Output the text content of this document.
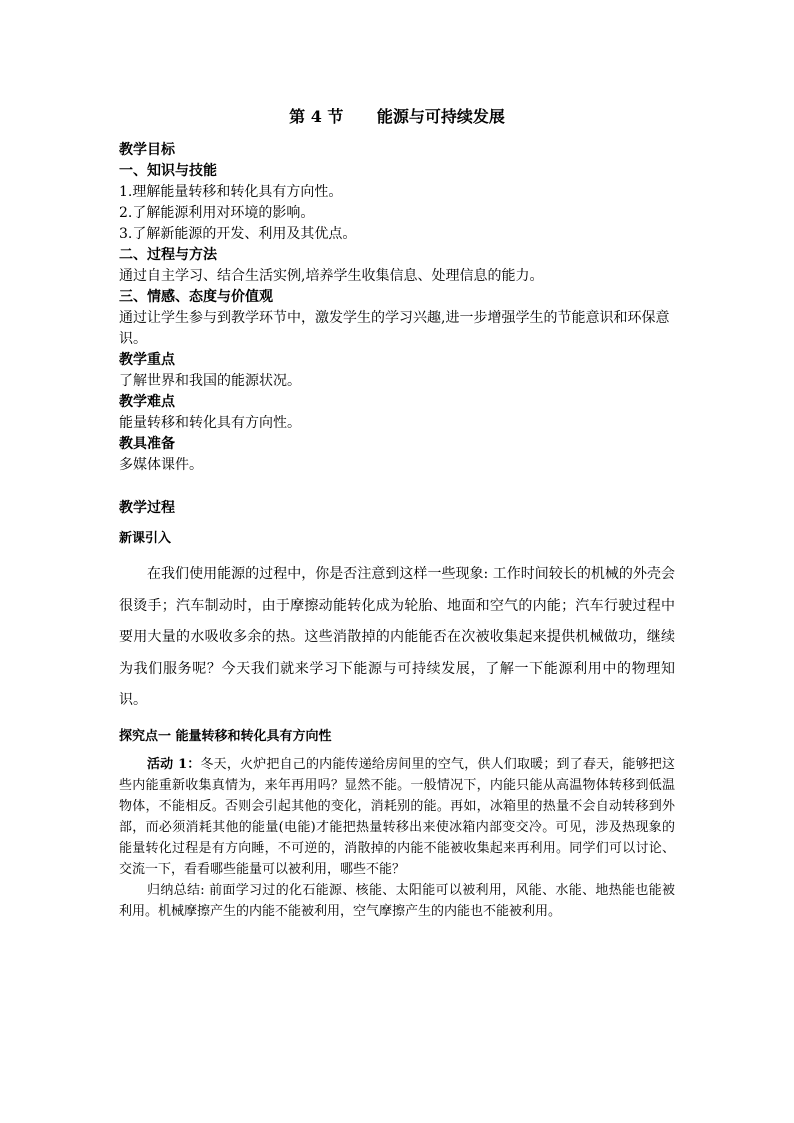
第 4 节      能源与可持续发展
教学目标
一、知识与技能
1.理解能量转移和转化具有方向性。
2.了解能源利用对环境的影响。
3.了解新能源的开发、利用及其优点。
二、过程与方法
通过自主学习、结合生活实例,培养学生收集信息、处理信息的能力。
三、情感、态度与价值观
通过让学生参与到教学环节中，激发学生的学习兴趣,进一步增强学生的节能意识和环保意识。
教学重点
了解世界和我国的能源状况。
教学难点
能量转移和转化具有方向性。
教具准备
多媒体课件。
教学过程
新课引入
在我们使用能源的过程中，你是否注意到这样一些现象: 工作时间较长的机械的外壳会很烫手；汽车制动时，由于摩擦动能转化成为轮胎、地面和空气的内能；汽车行驶过程中要用大量的水吸收多余的热。这些消散掉的内能能否在次被收集起来提供机械做功，继续为我们服务呢？今天我们就来学习下能源与可持续发展，了解一下能源利用中的物理知识。
探究点一 能量转移和转化具有方向性
活动 1：冬天，火炉把自己的内能传递给房间里的空气，供人们取暖；到了春天，能够把这些内能重新收集真情为，来年再用吗？显然不能。一般情况下，内能只能从高温物体转移到低温物体，不能相反。否则会引起其他的变化，消耗别的能。再如，冰箱里的热量不会自动转移到外部，而必须消耗其他的能量(电能)才能把热量转移出来使冰箱内部变交冷。可见，涉及热现象的能量转化过程是有方向睡，不可逆的，消散掉的内能不能被收集起来再利用。同学们可以讨论、交流一下，看看哪些能量可以被利用，哪些不能？
归纳总结: 前面学习过的化石能源、核能、太阳能可以被利用，风能、水能、地热能也能被利用。机械摩擦产生的内能不能被利用，空气摩擦产生的内能也不能被利用。
